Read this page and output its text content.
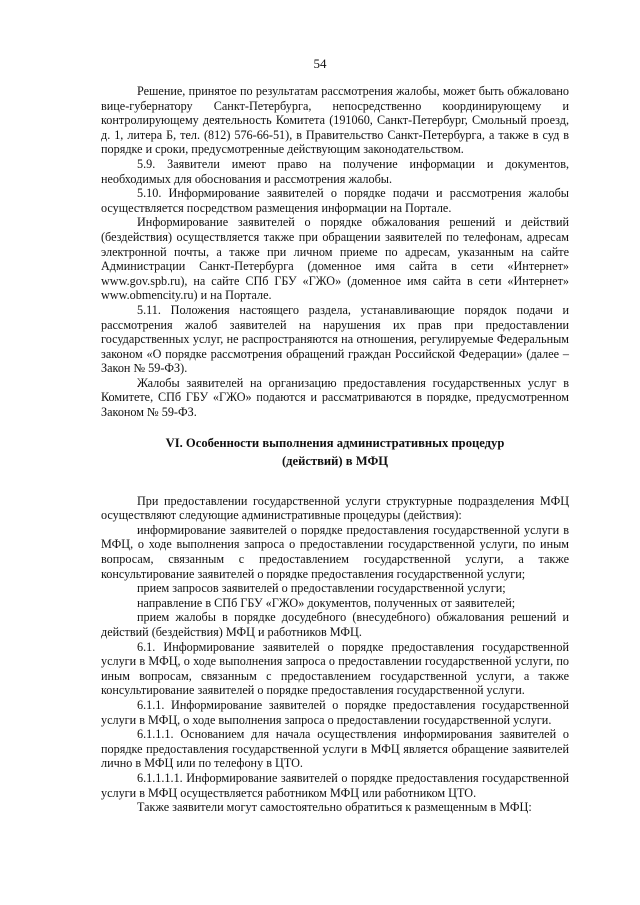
54

Решение, принятое по результатам рассмотрения жалобы, может быть обжаловано вице-губернатору Санкт-Петербурга, непосредственно координирующему и контролирующему деятельность Комитета (191060, Санкт-Петербург, Смольный проезд, д. 1, литера Б, тел. (812) 576-66-51), в Правительство Санкт-Петербурга, а также в суд в порядке и сроки, предусмотренные действующим законодательством.

5.9. Заявители имеют право на получение информации и документов, необходимых для обоснования и рассмотрения жалобы.

5.10. Информирование заявителей о порядке подачи и рассмотрения жалобы осуществляется посредством размещения информации на Портале.

Информирование заявителей о порядке обжалования решений и действий (бездействия) осуществляется также при обращении заявителей по телефонам, адресам электронной почты, а также при личном приеме по адресам, указанным на сайте Администрации Санкт-Петербурга (доменное имя сайта в сети «Интернет» www.gov.spb.ru), на сайте СПб ГБУ «ГЖО» (доменное имя сайта в сети «Интернет» www.obmencity.ru) и на Портале.

5.11. Положения настоящего раздела, устанавливающие порядок подачи и рассмотрения жалоб заявителей на нарушения их прав при предоставлении государственных услуг, не распространяются на отношения, регулируемые Федеральным законом «О порядке рассмотрения обращений граждан Российской Федерации» (далее – Закон № 59-ФЗ).

Жалобы заявителей на организацию предоставления государственных услуг в Комитете, СПб ГБУ «ГЖО» подаются и рассматриваются в порядке, предусмотренном Законом № 59-ФЗ.

VI. Особенности выполнения административных процедур
(действий) в МФЦ

При предоставлении государственной услуги структурные подразделения МФЦ осуществляют следующие административные процедуры (действия):

информирование заявителей о порядке предоставления государственной услуги в МФЦ, о ходе выполнения запроса о предоставлении государственной услуги, по иным вопросам, связанным с предоставлением государственной услуги, а также консультирование заявителей о порядке предоставления государственной услуги;

прием запросов заявителей о предоставлении государственной услуги;

направление в СПб ГБУ «ГЖО» документов, полученных от заявителей;

прием жалобы в порядке досудебного (внесудебного) обжалования решений и действий (бездействия) МФЦ и работников МФЦ.

6.1. Информирование заявителей о порядке предоставления государственной услуги в МФЦ, о ходе выполнения запроса о предоставлении государственной услуги, по иным вопросам, связанным с предоставлением государственной услуги, а также консультирование заявителей о порядке предоставления государственной услуги.

6.1.1. Информирование заявителей о порядке предоставления государственной услуги в МФЦ, о ходе выполнения запроса о предоставлении государственной услуги.

6.1.1.1. Основанием для начала осуществления информирования заявителей о порядке предоставления государственной услуги в МФЦ является обращение заявителей лично в МФЦ или по телефону в ЦТО.

6.1.1.1.1. Информирование заявителей о порядке предоставления государственной услуги в МФЦ осуществляется работником МФЦ или работником ЦТО.

Также заявители могут самостоятельно обратиться к размещенным в МФЦ:
